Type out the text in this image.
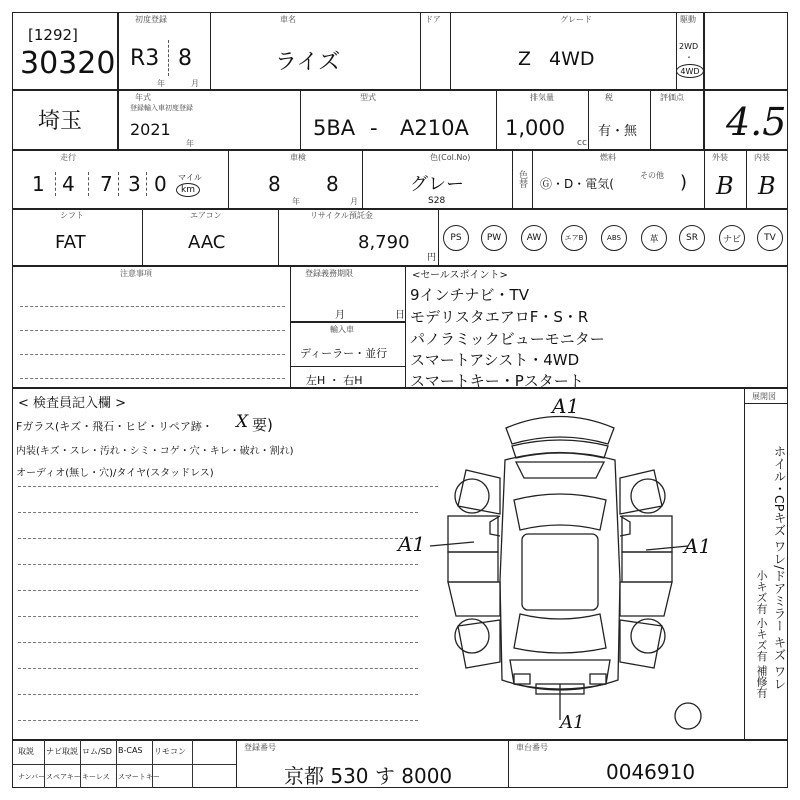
[1292]
30320
初度登録
R3
年
8
月
車名
ライズ
ドア	グレード
Z 4WD
駆動
2WD
・
4WD
埼玉
年式
登録輸入車初度登録
2021
年
型式
5BA - A210A
排気量
1,000
cc
税
有・無
評価点
4.5
走行
1 4 7 3 0 マイル
km
車検
8
年
8
月
色(Col.No)
グレー
S28
色替
燃料
Ⓖ・D・電気(
その他 )
外装
B
内装
B
シフト
FAT
エアコン
AAC
リサイクル預託金
8,790
円
PS	PW	AW	エアB	ABS	革	SR	ナビ	TV
注意事項	登録義務期限
月	日
輸入車
ディーラー・並行
左H ・ 右H
<セールスポイント>
9インチナビ・TV
モデリスタエアロF・S・R
パノラミックビューモニター
スマートアシスト・4WD
スマートキー・Pスタート
< 検査員記入欄 >
Fガラス(キズ・飛石・ヒビ・リペア跡・ X 要)
内装(キズ・スレ・汚れ・シミ・コゲ・穴・キレ・破れ・割れ)
オーディオ(無し・穴)/タイヤ(スタッドレス)
展開図
ホイル・CPキズ ワレ/ドアミラー キズ ワレ
小キズ有 小キズ有 補修有
A1
A1	A1
A1
取説 ナビ取説 ロム/SD B-CAS リモコン
ナンバー スペアキー キーレス スマートキー
登録番号
京都 530 す 8000
車台番号
0046910
